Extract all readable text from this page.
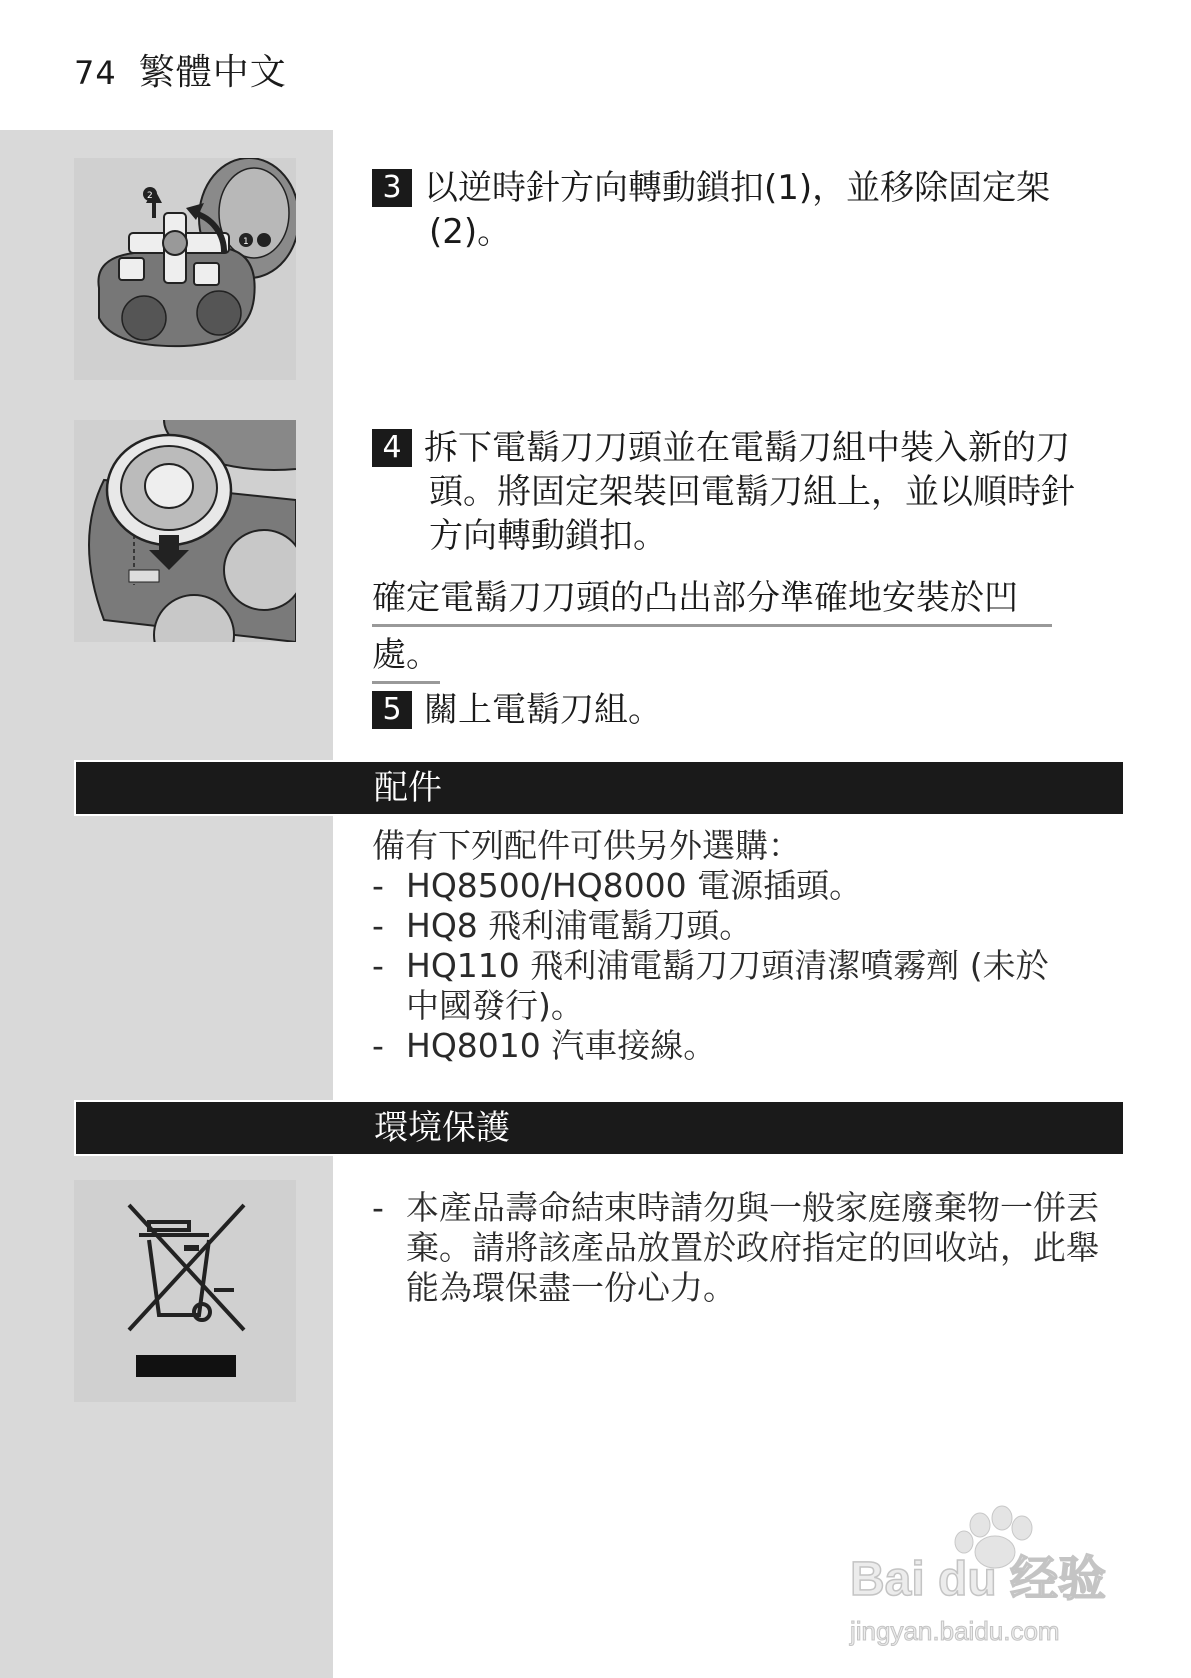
74 繁體中文
2
1
3 以逆時針方向轉動鎖扣(1)，並移除固定架
(2)。
4 拆下電鬍刀刀頭並在電鬍刀組中裝入新的刀
頭。將固定架裝回電鬍刀組上，並以順時針
方向轉動鎖扣。
確定電鬍刀刀頭的凸出部分準確地安裝於凹
處。
5 關上電鬍刀組。
配件
備有下列配件可供另外選購：
- HQ8500/HQ8000 電源插頭。
- HQ8 飛利浦電鬍刀頭。
- HQ110 飛利浦電鬍刀刀頭清潔噴霧劑 (未於中國發行)。
- HQ8010 汽車接線。
環境保護
- 本產品壽命結束時請勿與一般家庭廢棄物一併丟棄。請將該產品放置於政府指定的回收站，此舉能為環保盡一份心力。
Bai du 经验
jingyan.baidu.com
